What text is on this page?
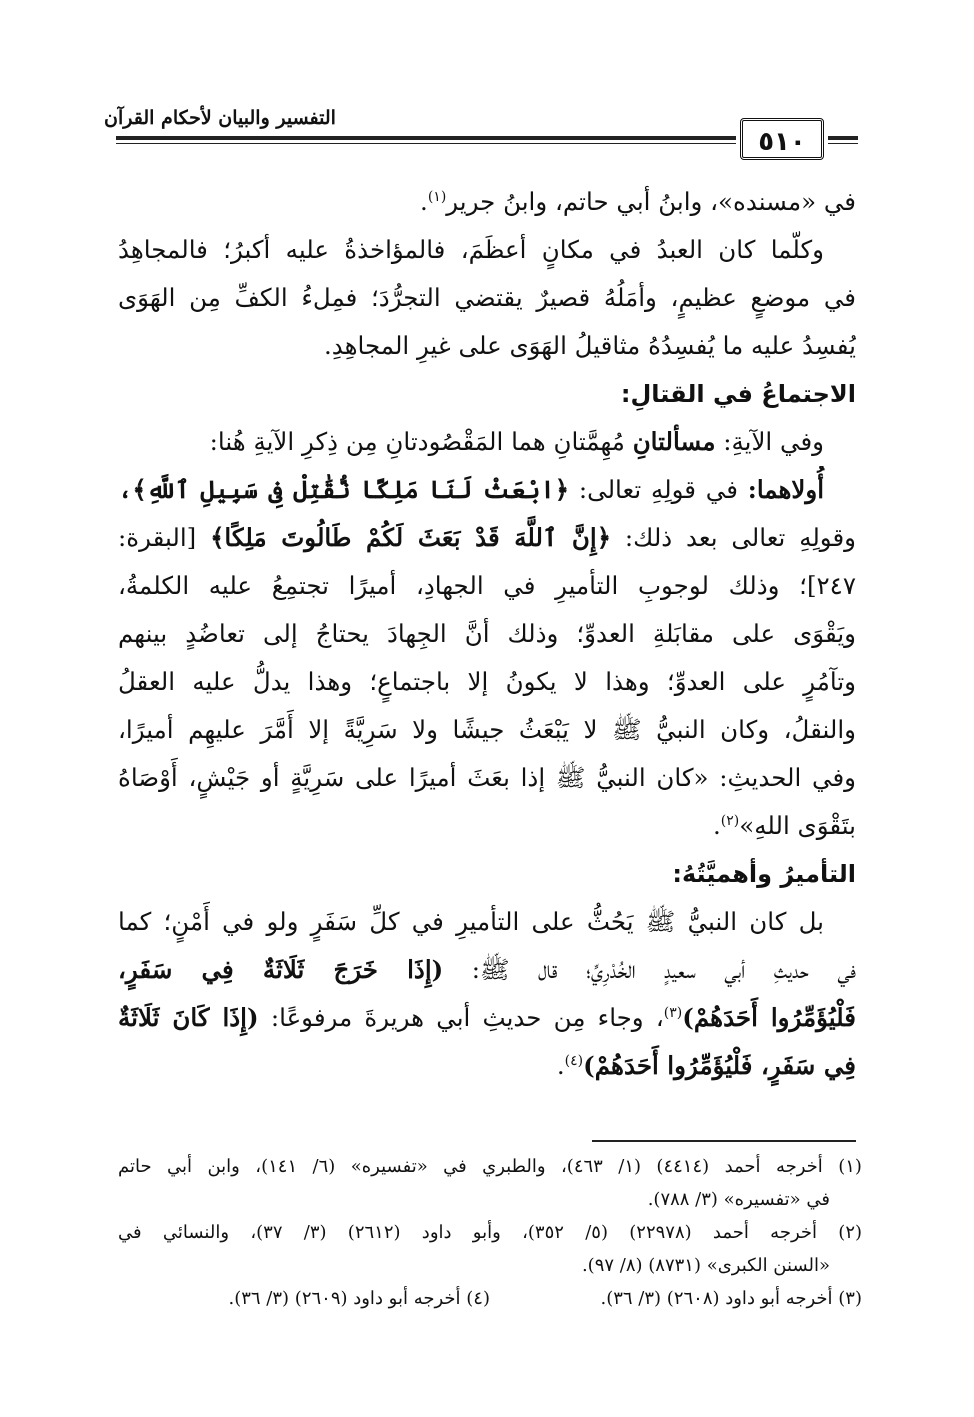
٥١٠
التفسير والبيان لأحكام القرآن
في «مسنده»، وابنُ أبي حاتم، وابنُ جرير$^{(١)}$.
وكلّما كان العبدُ في مكانٍ أعظَمَ، فالمؤاخذةُ عليه أكبرُ؛ فالمجاهِدُ
في موضعٍ عظيمٍ، وأمَلُهُ قصيرٌ يقتضي التجرُّدَ؛ فمِلءُ الكفِّ مِن الهَوَى
يُفسِدُ عليه ما يُفسِدُهُ مثاقيلُ الهَوَى على غيرِ المجاهِدِ.
الاجتماعُ في القتالِ:
وفي الآيةِ: مسألتانِ مُهِمَّتانِ هما المَقْصُودتانِ مِن ذِكرِ الآيةِ هُنا:
أُولاهما: في قولِهِ تعالى: ﴿ابْعَثْ لَنَا مَلِكًا نُّقَٰتِلْ فِى سَبِيلِ ٱللَّهِ﴾،
وقولِهِ تعالى بعد ذلك: ﴿إِنَّ ٱللَّهَ قَدْ بَعَثَ لَكُمْ طَالُوتَ مَلِكًا﴾ [البقرة:
٢٤٧]؛ وذلك لوجوبِ التأميرِ في الجهادِ، أميرًا تجتمِعُ عليه الكلمةُ،
ويَقْوَى على مقابَلةِ العدوِّ؛ وذلك أنَّ الجِهادَ يحتاجُ إلى تعاضُدٍ بينهم
وتآمُرٍ على العدوِّ؛ وهذا لا يكونُ إلا باجتماعٍ؛ وهذا يدلُّ عليه العقلُ
والنقلُ، وكان النبيُّ ﷺ لا يَبْعَثُ جيشًا ولا سَرِيَّةً إلا أَمَّرَ عليهِم أميرًا،
وفي الحديثِ: «كان النبيُّ ﷺ إذا بعَثَ أميرًا على سَرِيَّةٍ أو جَيْشٍ، أَوْصَاهُ
بتَقْوَى اللهِ»$^{(٢)}$.
التأميرُ وأهميَّتُهُ:
بل كان النبيُّ ﷺ يَحُثُّ على التأميرِ في كلِّ سَفَرٍ ولو في أَمْنٍ؛ كما
في حديثِ أبي سعيدٍ الخُدْرِيِّ؛ قال ﷺ: (إِذَا خَرَجَ ثَلَاثَةٌ فِي سَفَرٍ،
فَلْيُؤَمِّرُوا أَحَدَهُمْ)$^{(٣)}$، وجاء مِن حديثِ أبي هريرةَ مرفوعًا: (إِذَا كَانَ ثَلَاثَةٌ
فِي سَفَرٍ، فَلْيُؤَمِّرُوا أَحَدَهُمْ)$^{(٤)}$.
(١) أخرجه أحمد (٤٤١٤) (١/ ٤٦٣)، والطبري في «تفسيره» (٦/ ١٤١)، وابن أبي حاتم
في «تفسيره» (٣/ ٧٨٨).
(٢) أخرجه أحمد (٢٢٩٧٨) (٥/ ٣٥٢)، وأبو داود (٢٦١٢) (٣/ ٣٧)، والنسائي في
«السنن الكبرى» (٨٧٣١) (٨/ ٩٧).
(٣) أخرجه أبو داود (٢٦٠٨) (٣/ ٣٦).
(٤) أخرجه أبو داود (٢٦٠٩) (٣/ ٣٦).
